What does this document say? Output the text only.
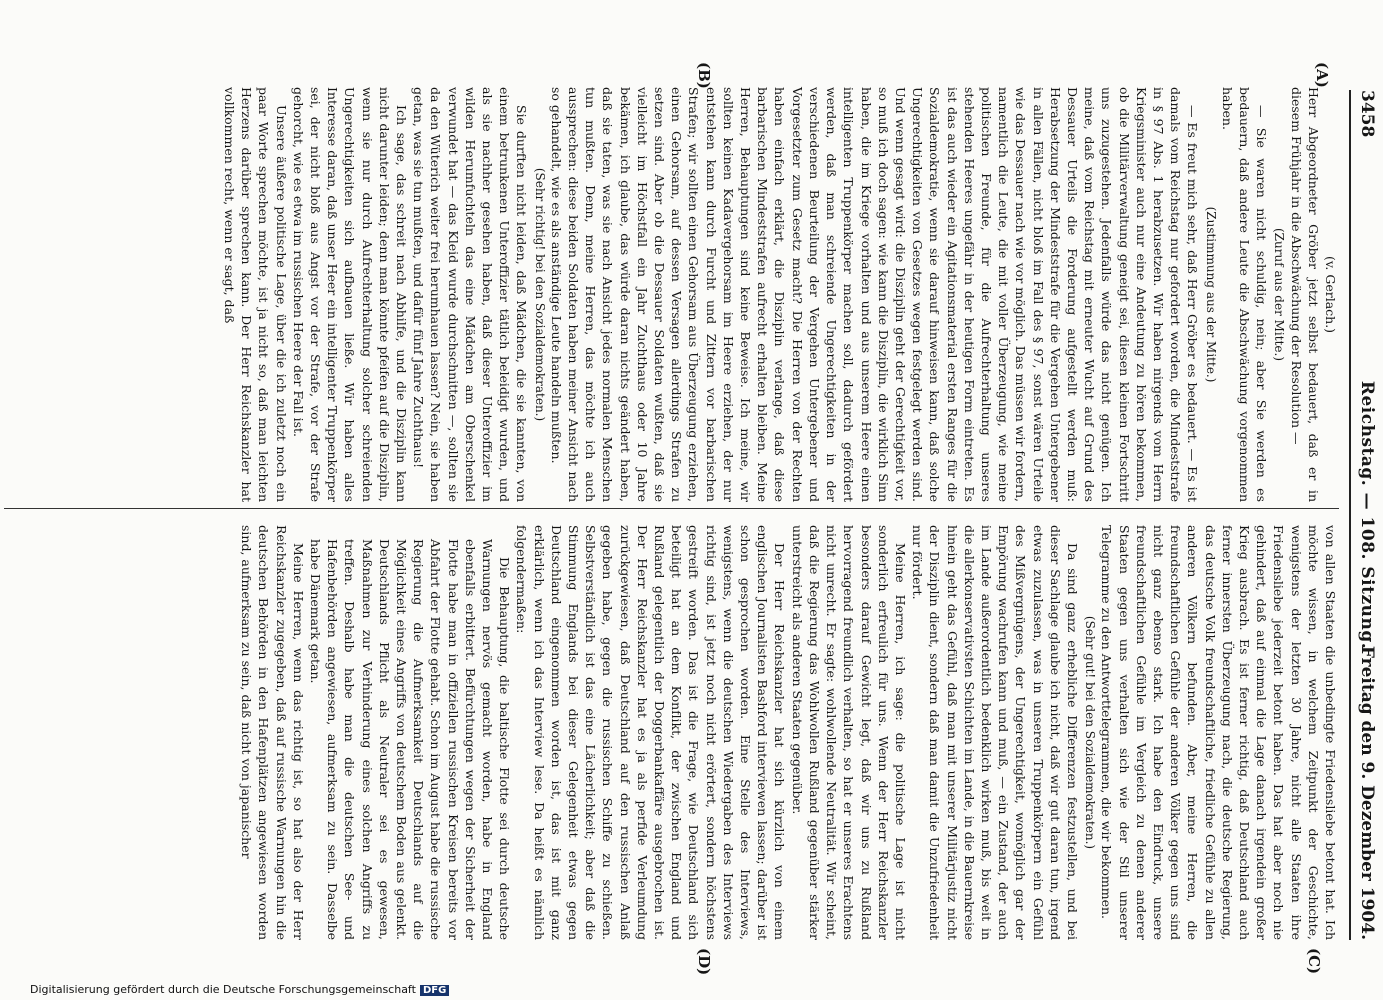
3458
Reichstag. — 108. Sitzung.
Freitag den 9. Dezember 1904.
(A)
(B)
(C)
(D)

(v. Gerlach.)

Herr Abgeordneter Gröber jetzt selbst bedauert, daß er in diesem Frühjahr in die Abschwächung der Resolution —

(Zuruf aus der Mitte.)

— Sie waren nicht schuldig, nein; aber Sie werden es bedauern, daß andere Leute die Abschwächung vorgenommen haben.

(Zustimmung aus der Mitte.)

— Es freut mich sehr, daß Herr Gröber es bedauert. — Es ist damals vom Reichstag nur gefordert worden, die Mindeststrafe in § 97 Abs. 1 herabzusetzen. Wir haben nirgends vom Herrn Kriegsminister auch nur eine Andeutung zu hören bekommen, ob die Militärverwaltung geneigt sei, diesen kleinen Fortschritt uns zuzugestehen. Jedenfalls würde das nicht genügen. Ich meine, daß vom Reichstag mit erneuter Wucht auf Grund des Dessauer Urteils die Forderung aufgestellt werden muß: Herabsetzung der Mindeststrafe für die Vergehen Untergebener in allen Fällen, nicht bloß im Fall des § 97, sonst wären Urteile wie das Dessauer nach wie vor möglich. Das müssen wir fordern, namentlich die Leute, die mit voller Überzeugung, wie meine politischen Freunde, für die Aufrechterhaltung unseres stehenden Heeres ungefähr in der heutigen Form eintreten. Es ist das auch wieder ein Agitationsmaterial ersten Ranges für die Sozialdemokratie, wenn sie darauf hinweisen kann, daß solche Ungerechtigkeiten von Gesetzes wegen festgelegt werden sind. Und wenn gesagt wird: die Disziplin geht der Gerechtigkeit vor, so muß ich doch sagen: wie kann die Disziplin, die wirklich Sinn haben, die im Kriege vorhalten und aus unserem Heere einen intelligenten Truppenkörper machen soll, dadurch gefördert werden, daß man schreiende Ungerechtigkeiten in der verschiedenen Beurteilung der Vergehen Untergebener und Vorgesetzter zum Gesetz macht? Die Herren von der Rechten haben einfach erklärt, die Disziplin verlange, daß diese barbarischen Mindeststrafen aufrecht erhalten bleiben. Meine Herren, Behauptungen sind keine Beweise. Ich meine, wir sollten keinen Kadavergehorsam im Heere erziehen, der nur entstehen kann durch Furcht und Zittern vor barbarischen Strafen; wir sollten einen Gehorsam aus Überzeugung erziehen, einen Gehorsam, auf dessen Versagen allerdings Strafen zu setzen sind. Aber ob die Dessauer Soldaten wußten, daß sie vielleicht im Höchstfall ein Jahr Zuchthaus oder 10 Jahre bekämen, ich glaube, das würde daran nichts geändert haben, daß sie taten, was sie nach Ansicht jedes normalen Menschen tun mußten. Denn, meine Herren, das möchte ich auch aussprechen: diese beiden Soldaten haben meiner Ansicht nach so gehandelt, wie es als anständige Leute handeln mußten.

(Sehr richtig! bei den Sozialdemokraten.)

Sie durften nicht leiden, daß Mädchen, die sie kannten, von einem betrunkenen Unteroffizier tätlich beleidigt wurden, und als sie nachher gesehen haben, daß dieser Unteroffizier im wilden Herumfuchteln das eine Mädchen am Oberschenkel verwundet hat — das Kleid wurde durchschnitten —, sollten sie da den Wüterich weiter frei herumhauen lassen? Nein, sie haben getan, was sie tun mußten, und dafür fünf Jahre Zuchthaus!

Ich sage, das schreit nach Abhilfe, und die Disziplin kann nicht darunter leiden; denn man könnte pfeifen auf die Disziplin, wenn sie nur durch Aufrechterhaltung solcher schreienden Ungerechtigkeiten sich aufbauen ließe. Wir haben alles Interesse daran, daß unser Heer ein intelligenter Truppenkörper sei, der nicht bloß aus Angst vor der Strafe, vor der Strafe gehorcht, wie es etwa im russischen Heere der Fall ist.

Unsere äußere politische Lage, über die ich zuletzt noch ein paar Worte sprechen möchte, ist ja nicht so, daß man leichten Herzens darüber sprechen kann. Der Herr Reichskanzler hat vollkommen recht, wenn er sagt, daß

von allen Staaten die unbedingte Friedensliebe betont hat. Ich möchte wissen, in welchem Zeitpunkt der Geschichte, wenigstens der letzten 30 Jahre, nicht alle Staaten ihre Friedensliebe jederzeit betont haben. Das hat aber noch nie gehindert, daß auf einmal die Lage danach irgendein großer Krieg ausbrach. Es ist ferner richtig, daß Deutschland auch ferner innersten Überzeugung nach, die deutsche Regierung, das deutsche Volk freundschaftliche, friedliche Gefühle zu allen anderen Völkern befunden. Aber, meine Herren, die freundschaftlichen Gefühle der anderen Völker gegen uns sind nicht ganz ebenso stark. Ich habe den Eindruck, unsere freundschaftlichen Gefühle im Vergleich zu denen anderer Staaten gegen uns verhalten sich wie der Stil unserer Telegramme zu den Antworttelegrammen, die wir bekommen.

(Sehr gut! bei den Sozialdemokraten.)

Da sind ganz erhebliche Differenzen festzustellen, und bei dieser Sachlage glaube ich nicht, daß wir gut daran tun, irgend etwas zuzulassen, was in unseren Truppenkörpern ein Gefühl des Mißvergnügens, der Ungerechtigkeit, womöglich gar der Empörung wachrufen kann und muß, — ein Zustand, der auch im Lande außerordentlich bedenklich wirken muß, bis weit in die allerkonservativsten Schichten im Lande, in die Bauernkreise hinein geht das Gefühl, daß man mit unserer Militärjustiz nicht der Disziplin dient, sondern daß man damit die Unzufriedenheit nur fördert.

Meine Herren, ich sage: die politische Lage ist nicht sonderlich erfreulich für uns. Wenn der Herr Reichskanzler besonders darauf Gewicht legt, daß wir uns zu Rußland hervorragend freundlich verhalten, so hat er unseres Erachtens nicht unrecht. Er sagte: wohlwollende Neutralität. Wir scheint, daß die Regierung das Wohlwollen Rußland gegenüber stärker unterstreicht als anderen Staaten gegenüber.

Der Herr Reichskanzler hat sich kürzlich von einem englischen Journalisten Bashford interviewen lassen; darüber ist schon gesprochen worden. Eine Stelle des Interviews, wenigstens, wenn die deutschen Wiedergaben des Interviews richtig sind, ist jetzt noch nicht erörtert, sondern höchstens gestreift worden. Das ist die Frage, wie Deutschland sich beteiligt hat an dem Konflikt, der zwischen England und Rußland gelegentlich der Doggerbankaffäre ausgebrochen ist. Der Herr Reichskanzler hat es ja als perfide Verleumdung zurückgewiesen, daß Deutschland auf den russischen Anlaß gegeben habe, gegen die russischen Schiffe zu schießen. Selbstverständlich ist das eine Lächerlichkeit; aber daß die Stimmung Englands bei dieser Gelegenheit etwas gegen Deutschland eingenommen worden ist, das ist mit ganz erklärlich, wenn ich das Interview lese. Da heißt es nämlich folgendermaßen:

Die Behauptung, die baltische Flotte sei durch deutsche Warnungen nervös gemacht worden, habe in England ebenfalls erbittert. Befürchtungen wegen der Sicherheit der Flotte habe man in offiziellen russischen Kreisen bereits vor Abfahrt der Flotte gehabt. Schon im August habe die russische Regierung die Aufmerksamkeit Deutschlands auf die Möglichkeit eines Angriffs von deutschem Boden aus gelenkt. Deutschlands Pflicht als Neutraler sei es gewesen, Maßnahmen zur Verhinderung eines solchen Angriffs zu treffen. Deshalb habe man die deutschen See- und Hafenbehörden angewiesen, aufmerksam zu sein. Dasselbe habe Dänemark getan.

Meine Herren, wenn das richtig ist, so hat also der Herr Reichskanzler zugegeben, daß auf russische Warnungen hin die deutschen Behörden in den Hafenplätzen angewiesen worden sind, aufmerksam zu sein, daß nicht von japanischer

Digitalisierung gefördert durch die Deutsche Forschungsgemeinschaft DFG
